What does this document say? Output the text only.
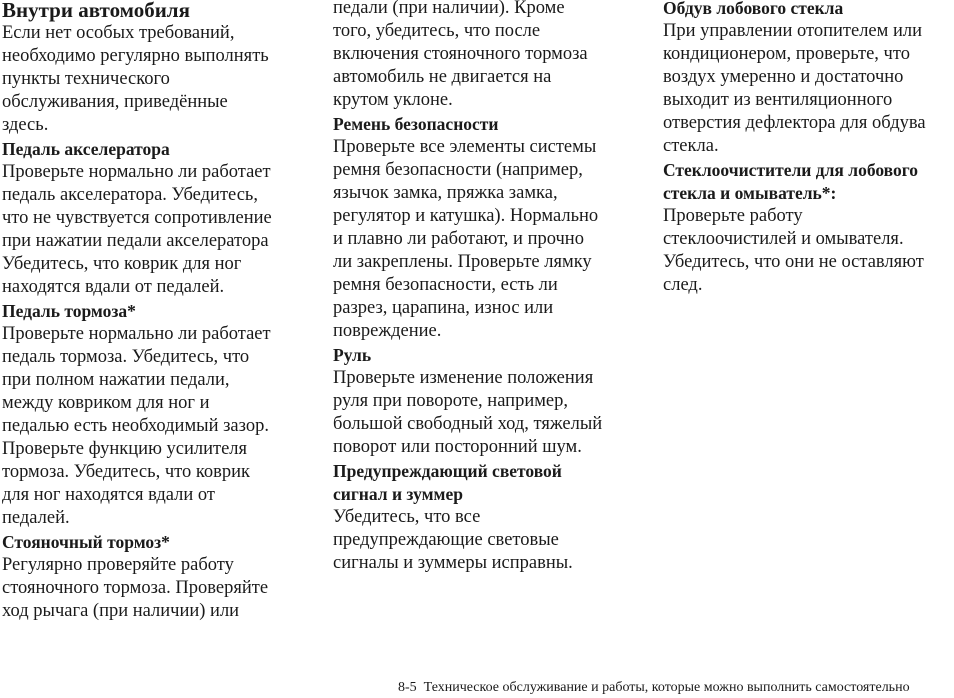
Внутри автомобиля

Если нет особых требований,
необходимо регулярно выполнять
пункты технического
обслуживания, приведённые
здесь.

Педаль акселератора

Проверьте нормально ли работает
педаль акселератора. Убедитесь,
что не чувствуется сопротивление
при нажатии педали акселератора
Убедитесь, что коврик для ног
находятся вдали от педалей.

Педаль тормоза*

Проверьте нормально ли работает
педаль тормоза. Убедитесь, что
при полном нажатии педали,
между ковриком для ног и
педалью есть необходимый зазор.
Проверьте функцию усилителя
тормоза. Убедитесь, что коврик
для ног находятся вдали от
педалей.

Стояночный тормоз*

Регулярно проверяйте работу
стояночного тормоза. Проверяйте
ход рычага (при наличии) или

педали (при наличии). Кроме
того, убедитесь, что после
включения стояночного тормоза
автомобиль не двигается на
крутом уклоне.

Ремень безопасности

Проверьте все элементы системы
ремня безопасности (например,
язычок замка, пряжка замка,
регулятор и катушка). Нормально
и плавно ли работают, и прочно
ли закреплены. Проверьте лямку
ремня безопасности, есть ли
разрез, царапина, износ или
повреждение.

Руль

Проверьте изменение положения
руля при повороте, например,
большой свободный ход, тяжелый
поворот или посторонний шум.

Предупреждающий световой
сигнал и зуммер

Убедитесь, что все
предупреждающие световые
сигналы и зуммеры исправны.

Обдув лобового стекла

При управлении отопителем или
кондиционером, проверьте, что
воздух умеренно и достаточно
выходит из вентиляционного
отверстия дефлектора для обдува
стекла.

Стеклоочистители для лобового
стекла и омыватель*:

Проверьте работу
стеклоочистилей и омывателя.
Убедитесь, что они не оставляют
след.

8-5 Техническое обслуживание и работы, которые можно выполнить самостоятельно
